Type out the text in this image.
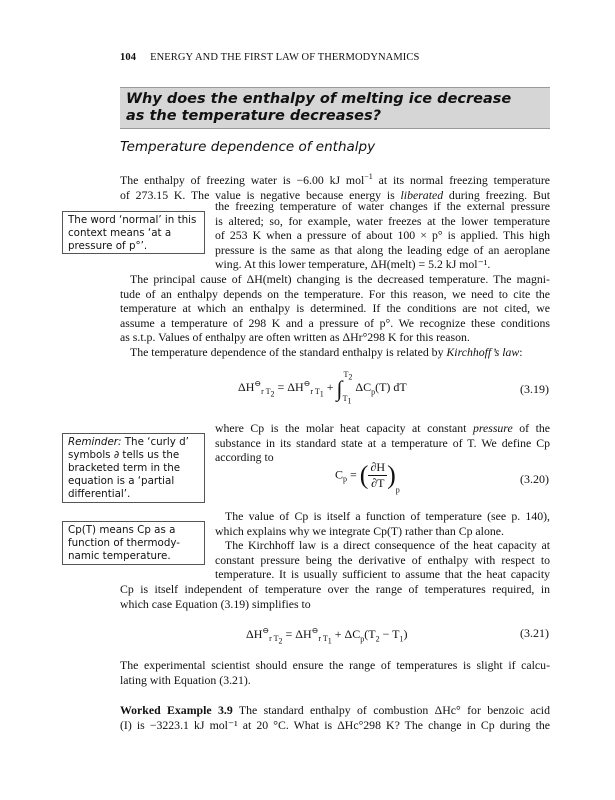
104 ENERGY AND THE FIRST LAW OF THERMODYNAMICS
Why does the enthalpy of melting ice decrease
as the temperature decreases?
Temperature dependence of enthalpy
The enthalpy of freezing water is −6.00 kJ mol$^{-1}$ at its normal freezing temperature
of 273.15 K. The value is negative because energy is liberated during freezing. But
the freezing temperature of water changes if the external pressure
is altered; so, for example, water freezes at the lower temperature
of 253 K when a pressure of about 100 × p° is applied. This high
pressure is the same as that along the leading edge of an aeroplane
wing. At this lower temperature, ΔH(melt) = 5.2 kJ mol⁻¹.
The word ‘normal’ in this context means ‘at a pressure of p°’.
The principal cause of ΔH(melt) changing is the decreased temperature. The magni-
tude of an enthalpy depends on the temperature. For this reason, we need to cite the
temperature at which an enthalpy is determined. If the conditions are not cited, we
assume a temperature of 298 K and a pressure of p°. We recognize these conditions
as s.t.p. Values of enthalpy are often written as ΔHr°298 K for this reason.
The temperature dependence of the standard enthalpy is related by Kirchhoff’s law:
$\Delta H^⊖_{r T_2} = \Delta H^⊖_{r T_1} + \int_{T_1}^{T_2}$ $\Delta C_p(T)$ dT	(3.19)
where Cp is the molar heat capacity at constant pressure of the
substance in its standard state at a temperature of T. We define Cp
according to
Reminder: The ‘curly d’ symbols ∂ tells us the bracketed term in the equation is a ‘partial differential’.
$C_p$ = ( $\frac{\partial H}{\partial T} )_p$
(3.20)
The value of Cp is itself a function of temperature (see p. 140),
which explains why we integrate Cp(T) rather than Cp alone.
The Kirchhoff law is a direct consequence of the heat capacity at
constant pressure being the derivative of enthalpy with respect to
temperature. It is usually sufficient to assume that the heat capacity
Cp(T) means Cp as a function of thermody-namic temperature.
Cp is itself independent of temperature over the range of temperatures required, in
which case Equation (3.19) simplifies to
$\Delta H^⊖_{r T_2} = \Delta H^⊖_{r T_1} + \Delta C_p(T_2 - T_1)$	(3.21)
The experimental scientist should ensure the range of temperatures is slight if calcu-
lating with Equation (3.21).
Worked Example 3.9 The standard enthalpy of combustion ΔHc° for benzoic acid
(I) is −3223.1 kJ mol⁻¹ at 20 °C. What is ΔHc°298 K? The change in Cp during the
